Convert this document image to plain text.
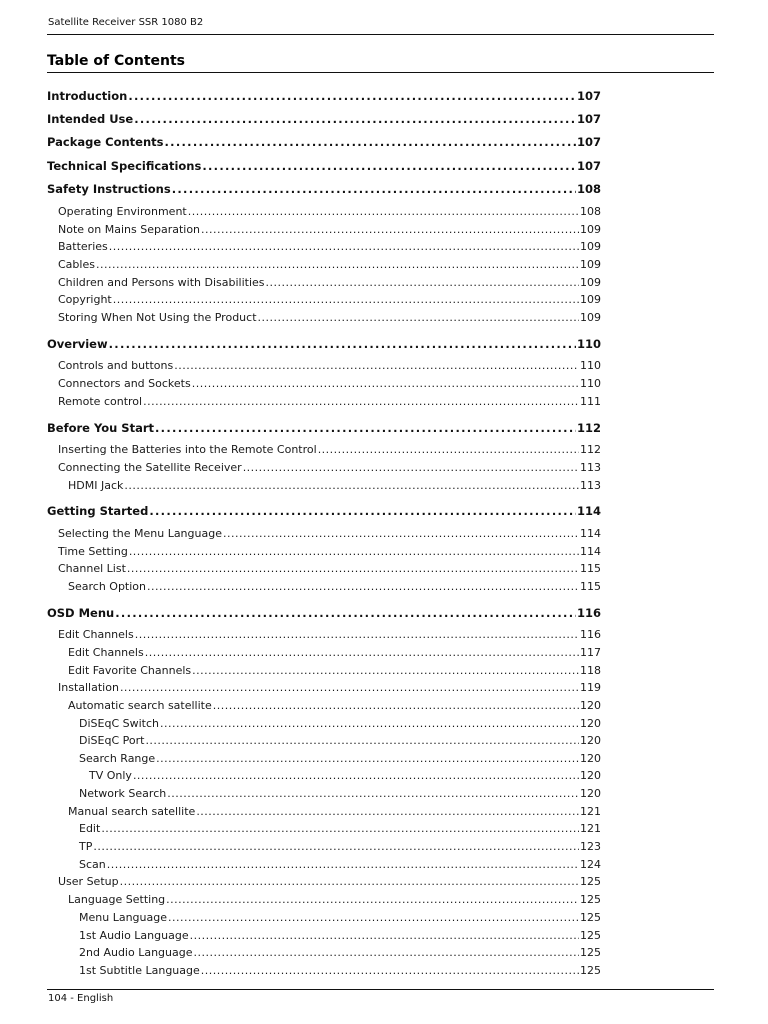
Satellite Receiver SSR 1080 B2
Table of Contents
Introduction .....	107
Intended Use .....	107
Package Contents .....	107
Technical Specifications .....	107
Safety Instructions .....	108
Operating Environment .....	108
Note on Mains Separation .....	109
Batteries .....	109
Cables .....	109
Children and Persons with Disabilities .....	109
Copyright .....	109
Storing When Not Using the Product .....	109
Overview .....	110
Controls and buttons .....	110
Connectors and Sockets .....	110
Remote control .....	111
Before You Start .....	112
Inserting the Batteries into the Remote Control .....	112
Connecting the Satellite Receiver .....	113
HDMI Jack .....	113
Getting Started .....	114
Selecting the Menu Language .....	114
Time Setting .....	114
Channel List .....	115
Search Option .....	115
OSD Menu .....	116
Edit Channels .....	116
Edit Channels .....	117
Edit Favorite Channels .....	118
Installation .....	119
Automatic search satellite .....	120
DiSEqC Switch .....	120
DiSEqC Port .....	120
Search Range .....	120
TV Only .....	120
Network Search .....	120
Manual search satellite .....	121
Edit .....	121
TP .....	123
Scan .....	124
User Setup .....	125
Language Setting .....	125
Menu Language .....	125
1st Audio Language .....	125
2nd Audio Language .....	125
1st Subtitle Language .....	125
104 - English
